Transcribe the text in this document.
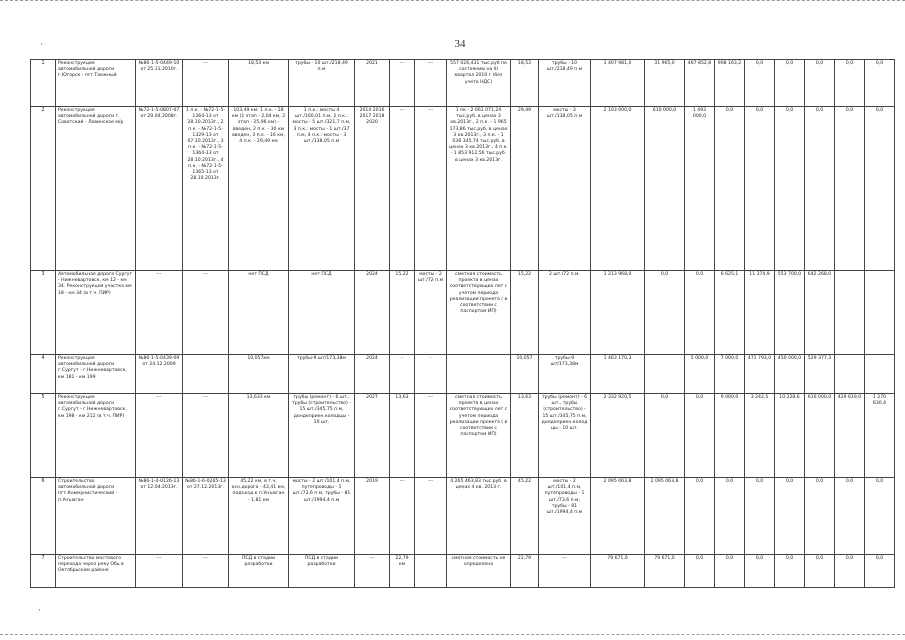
34
·
·
1	Реконструкция автомобильной дороги г.Югорск - пгт.Таежный	№86-1-5-0449-10 от 25.11.2010г.	---	18,53 км	трубы - 10 шт./218,49 п.м	2021	---	---	557 026,431 тыс.руб по состоянию на III квартал 2010 г (без учета НДС)	18,53	трубы - 10 шт./218,49 п.м	1 407 981,0	31 965,0	467 852,8	908 163,2	0,0	0,0	0,0	0,0	0,0
2	Реконструкция автомобильной дороги г. Советский - Ловинское м/р	№72-1-5-0807-07 от 29.04.2008г.	1 п.к. - №72-1-5-1364-13 от 28.10.2013г., 2 п.к. - №72-1-5-1329-13 от 07.10.2013г., 3 п.к. - №72-1-5-1364-13 от 28.10.2013г., 4 п.к. - №72-1-5-1365-13 от 28.10.2013г.	103,49 км: 1 п.к. - 28 км (1 этап - 2,04 км, 2 этап - 25,96 км) - введен, 2 п.к. - 30 км введен, 3 п.к. - 16 км, 4 п.к. - 29,49 км	1 п.к.: мосты 4 шт./160,01 п.м, 2 п.к.: мосты - 5 шт./321,7 п.м, 3 п.к.: мосты - 1 шт./37 п.м, 4 п.к.: мосты - 3 шт./138,05 п.м	2014 2016 2017 2018 2020	---	---	1 пк - 2 661 071,24 тыс.руб. в ценах 3 кв.2013г., 2 п.к. - 1 965 173,86 тыс.руб. в ценах 3 кв.2013г., 3 п.к. - 1 038 345,74 тыс.руб. в ценах 3 кв.2013г., 4 п.к. - 1 853 912,56 тыс.руб. в ценах 3 кв.2013г.	29,49	мосты - 3 шт./138,05 п.м	2 103 000,0	610 000,0	1 493 000,0	0,0	0,0	0,0	0,0	0,0	0,0
3	Автомобильная дорога Сургут - Нижневартовск, км 12 - км 34. Реконструкция участка км 18 - км 34 (в т.ч. ПИР)	---	---	нет ПСД	нет ПСД	2024	15,22	мосты - 2 шт./72 п.м	сметная стоимость проекта в ценах соответствующих лет с учетом периода реализации проекта ( в соответствии с паспортом ИП)	15,22	2 шт./72 п.м.	1 213 968,0	0,0	0,0	6 625,1	11 374,9	553 700,0	642 268,0		
4	Реконструкция автомобильной дороги г.Сургут - г.Нижневартовск, км 181 - км 199	№86-1-5-0439-09 от 24.12.2009		10,057км	трубы-9 шт/173,38м	2024	-	-		10,057	трубы-9 шт/173,38м	1 463 170,3		5 000,0	7 000,0	471 793,0	450 000,0	529 377,3		
5	Реконструкция автомобильной дороги г.Сургут - г.Нижневартовск, км 198 - км 212 (в т.ч. ПИР)	---	---	13,633 км	трубы (ремонт) - 6 шт., трубы (строительство) - 15 шт./345,75 п.м, донделриен.колодцы - 10 шт.	2027	13,63	---	сметная стоимость проекта в ценах соответствующих лет с учетом периода реализации проекта ( в соответствии с паспортом ИП)	13,63	трубы (ремонт) - 6 шт., трубы (строительство) - 15 шт./345,75 п.м, донделриен.колодцы - 10 шт.	2 332 920,5	0,0	0,0	9 000,0	3 242,5	10 228,6	610 000,0	429 619,0	1 270 830,4
6	Строительство автомобильной дороги пгт.Коммунистический - п.Унъюган	№86-1-4-0126-13 от 12.04.2013г.	№86-1-6-0265-13 от 27.12.2013г.	45,22 км, в т.ч. осн.дорога - 43,41 км, подъезд к п.Унъюган - 1,81 км	мосты - 2 шт./101,4 п.м, путепроводы - 1 шт./73,6 п.м, трубы - 81 шт./1994,4 п.м	2019	---	---	4 265 463,83 тыс.руб. в ценах 4 кв. 2013 г.	45,22	мосты - 2 шт./101,4 п.м, путепроводы - 1 шт./73,6 п.м, трубы - 81 шт./1994,4 п.м	2 095 063,8	2 095 063,8	0,0	0,0	0,0	0,0	0,0	0,0	0,0
7	Строительство мостового перехода через реку Обь в Октябрьском районе	---	---	ПСД в стадии разработки	ПСД в стадии разработки	---	22,79 км		сметная стоимость не определена	22,79	---	79 671,0	79 671,0	0,0	0,0	0,0	0,0	0,0	0,0	0,0
